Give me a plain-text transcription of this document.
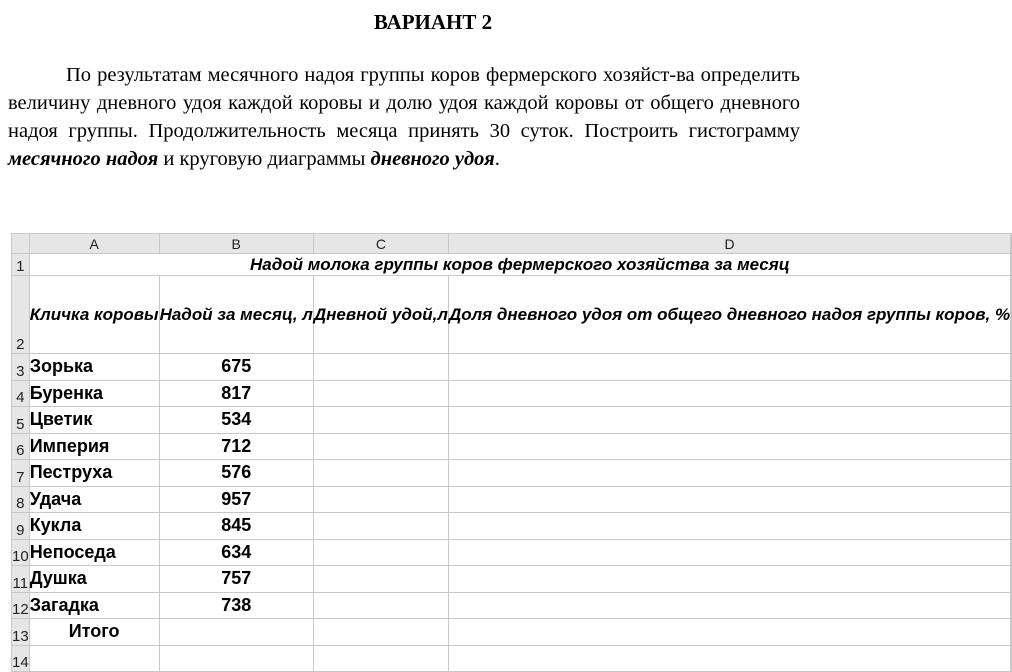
ВАРИАНТ 2

По результатам месячного надоя группы коров фермерского хозяйст-ва определить величину дневного удоя каждой коровы и долю удоя каждой коровы от общего дневного надоя группы. Продолжительность месяца принять 30 суток. Построить гистограмму месячного надоя и круговую диаграммы дневного удоя.

	A	B	C	D	
1	Надой молока группы коров фермерского хозяйства за месяц				
2	Кличка коровы	Надой за месяц, л	Дневной удой,л	Доля дневного удоя от общего дневного надоя группы коров, %	
3	Зорька	675			
4	Буренка	817			
5	Цветик	534			
6	Империя	712			
7	Пеструха	576			
8	Удача	957			
9	Кукла	845			
10	Непоседа	634			
11	Душка	757			
12	Загадка	738			
13	Итого				
14					
